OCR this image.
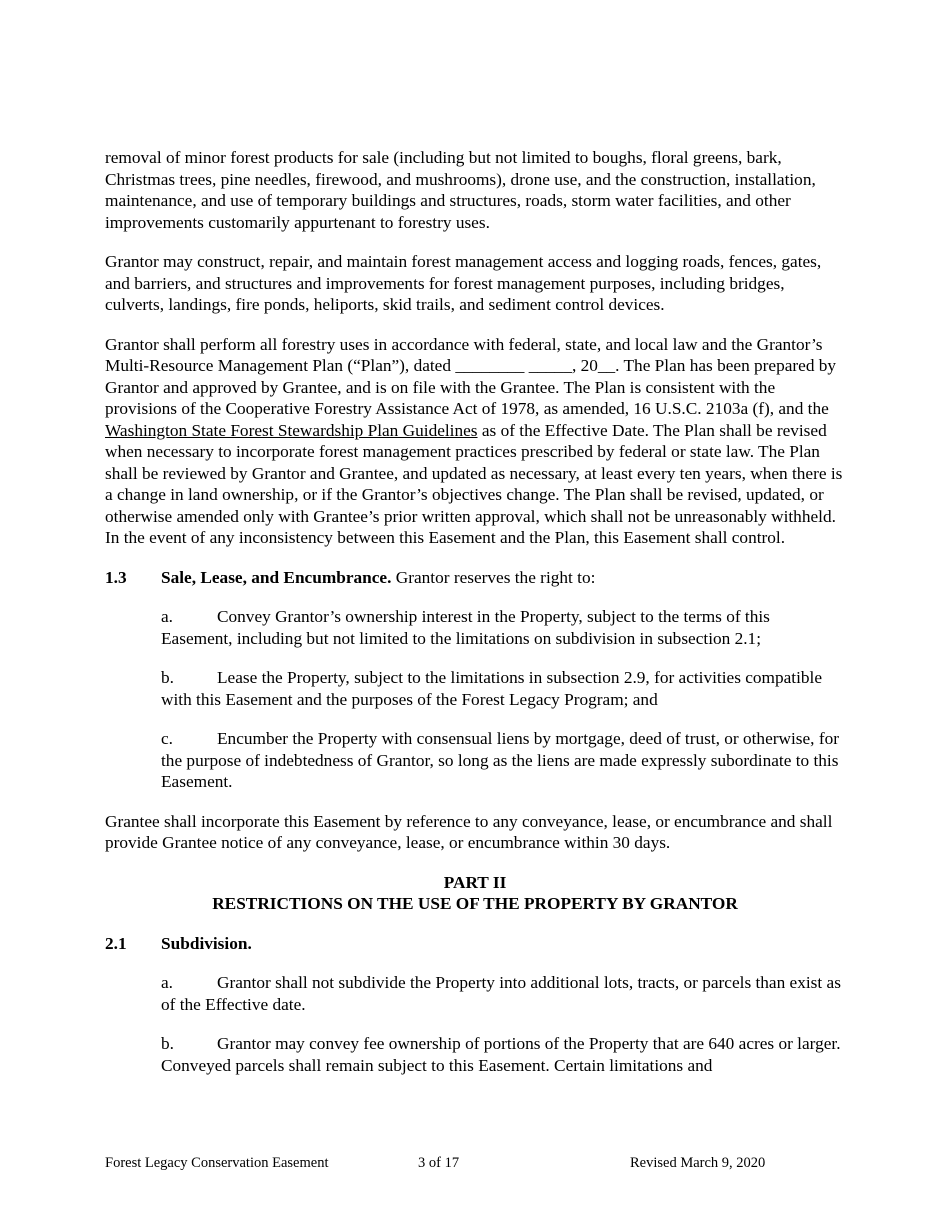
removal of minor forest products for sale (including but not limited to boughs, floral greens, bark, Christmas trees, pine needles, firewood, and mushrooms), drone use, and the construction, installation, maintenance, and use of temporary buildings and structures, roads, storm water facilities, and other improvements customarily appurtenant to forestry uses.

Grantor may construct, repair, and maintain forest management access and logging roads, fences, gates, and barriers, and structures and improvements for forest management purposes, including bridges, culverts, landings, fire ponds, heliports, skid trails, and sediment control devices.

Grantor shall perform all forestry uses in accordance with federal, state, and local law and the Grantor’s Multi-Resource Management Plan (“Plan”), dated ________ _____, 20__. The Plan has been prepared by Grantor and approved by Grantee, and is on file with the Grantee. The Plan is consistent with the provisions of the Cooperative Forestry Assistance Act of 1978, as amended, 16 U.S.C. 2103a (f), and the Washington State Forest Stewardship Plan Guidelines as of the Effective Date. The Plan shall be revised when necessary to incorporate forest management practices prescribed by federal or state law. The Plan shall be reviewed by Grantor and Grantee, and updated as necessary, at least every ten years, when there is a change in land ownership, or if the Grantor’s objectives change. The Plan shall be revised, updated, or otherwise amended only with Grantee’s prior written approval, which shall not be unreasonably withheld. In the event of any inconsistency between this Easement and the Plan, this Easement shall control.

1.3	Sale, Lease, and Encumbrance. Grantor reserves the right to:

a.	Convey Grantor’s ownership interest in the Property, subject to the terms of this Easement, including but not limited to the limitations on subdivision in subsection 2.1;

b. Lease the Property, subject to the limitations in subsection 2.9, for activities compatible with this Easement and the purposes of the Forest Legacy Program; and

c.	Encumber the Property with consensual liens by mortgage, deed of trust, or otherwise, for the purpose of indebtedness of Grantor, so long as the liens are made expressly subordinate to this Easement.

Grantee shall incorporate this Easement by reference to any conveyance, lease, or encumbrance and shall provide Grantee notice of any conveyance, lease, or encumbrance within 30 days.

PART II
RESTRICTIONS ON THE USE OF THE PROPERTY BY GRANTOR
2.1	Subdivision.

a.	Grantor shall not subdivide the Property into additional lots, tracts, or parcels than exist as of the Effective date.

b. Grantor may convey fee ownership of portions of the Property that are 640 acres or larger. Conveyed parcels shall remain subject to this Easement. Certain limitations and

Forest Legacy Conservation Easement	3 of 17	Revised March 9, 2020
